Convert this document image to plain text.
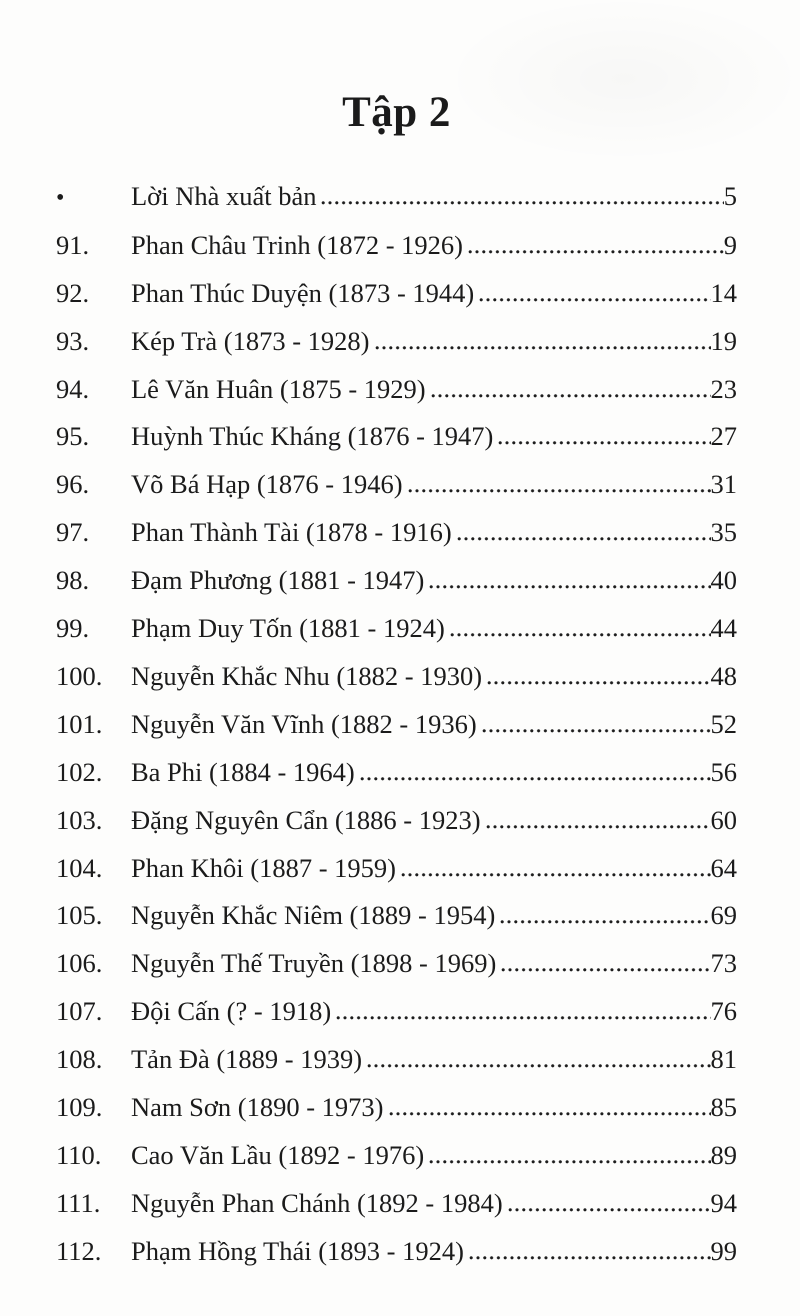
Tập 2
•	Lời Nhà xuất bản	5
91.	Phan Châu Trinh (1872 - 1926)	9
92.	Phan Thúc Duyện (1873 - 1944)	14
93.	Kép Trà (1873 - 1928)	19
94.	Lê Văn Huân (1875 - 1929)	23
95.	Huỳnh Thúc Kháng (1876 - 1947)	27
96.	Võ Bá Hạp (1876 - 1946)	31
97.	Phan Thành Tài (1878 - 1916)	35
98.	Đạm Phương (1881 - 1947)	40
99.	Phạm Duy Tốn (1881 - 1924)	44
100.	Nguyễn Khắc Nhu (1882 - 1930)	48
101.	Nguyễn Văn Vĩnh (1882 - 1936)	52
102.	Ba Phi (1884 - 1964)	56
103.	Đặng Nguyên Cẩn (1886 - 1923)	60
104.	Phan Khôi (1887 - 1959)	64
105.	Nguyễn Khắc Niêm (1889 - 1954)	69
106.	Nguyễn Thế Truyền (1898 - 1969)	73
107.	Đội Cấn (? - 1918)	76
108.	Tản Đà (1889 - 1939)	81
109.	Nam Sơn (1890 - 1973)	85
110.	Cao Văn Lầu (1892 - 1976)	89
111.	Nguyễn Phan Chánh (1892 - 1984)	94
112.	Phạm Hồng Thái (1893 - 1924)	99
